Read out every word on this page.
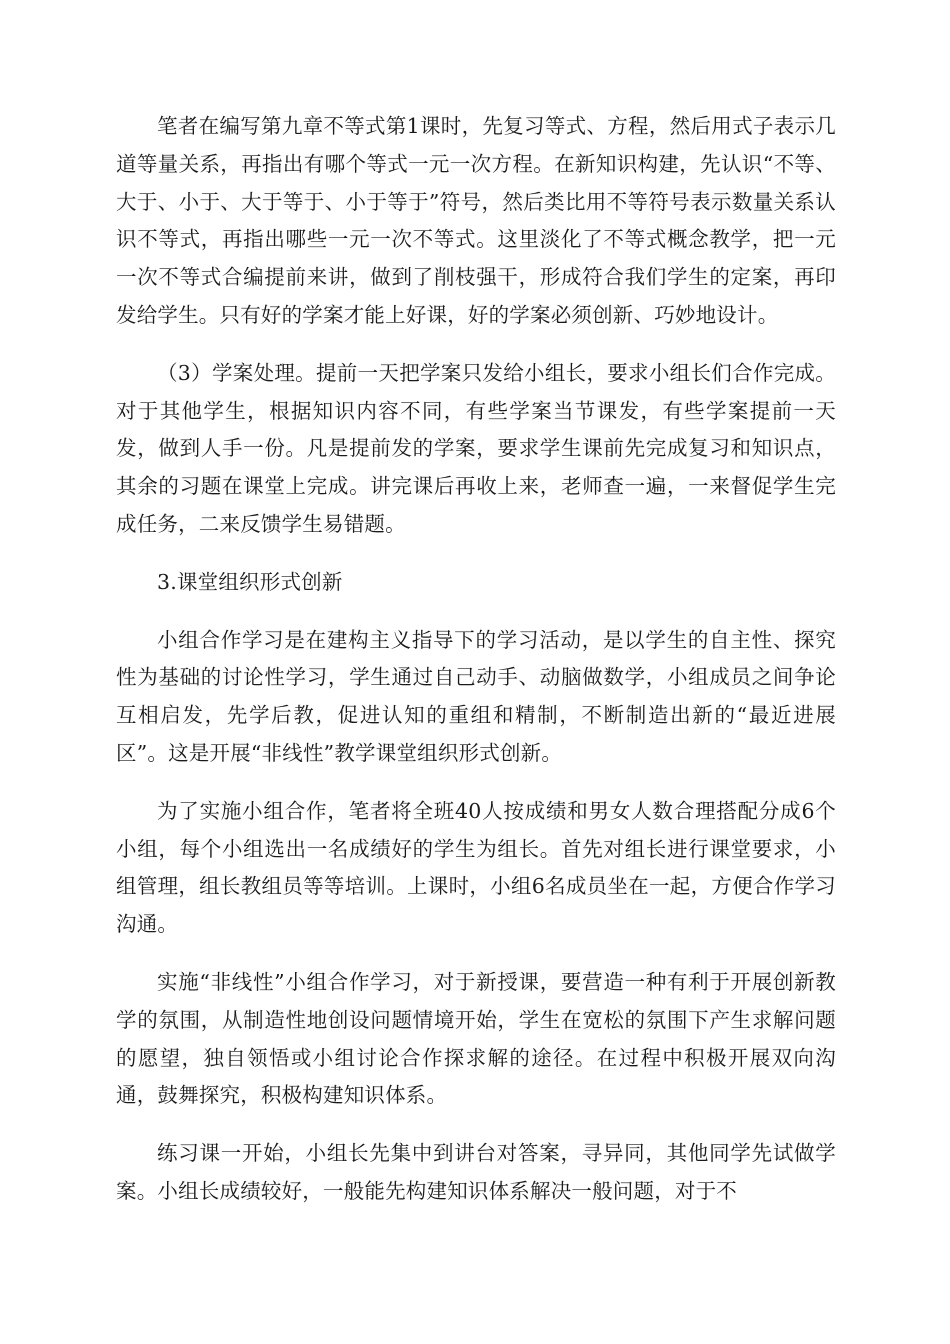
笔者在编写第九章不等式第1课时，先复习等式、方程，然后用式子表示几道等量关系，再指出有哪个等式一元一次方程。在新知识构建，先认识“不等、大于、小于、大于等于、小于等于”符号，然后类比用不等符号表示数量关系认识不等式，再指出哪些一元一次不等式。这里淡化了不等式概念教学，把一元一次不等式合编提前来讲，做到了削枝强干，形成符合我们学生的定案，再印发给学生。只有好的学案才能上好课，好的学案必须创新、巧妙地设计。

（3）学案处理。提前一天把学案只发给小组长，要求小组长们合作完成。对于其他学生，根据知识内容不同，有些学案当节课发，有些学案提前一天发，做到人手一份。凡是提前发的学案，要求学生课前先完成复习和知识点，其余的习题在课堂上完成。讲完课后再收上来，老师查一遍，一来督促学生完成任务，二来反馈学生易错题。

3.课堂组织形式创新

小组合作学习是在建构主义指导下的学习活动，是以学生的自主性、探究性为基础的讨论性学习，学生通过自己动手、动脑做数学，小组成员之间争论互相启发，先学后教，促进认知的重组和精制，不断制造出新的“最近进展区”。这是开展“非线性”教学课堂组织形式创新。

为了实施小组合作，笔者将全班40人按成绩和男女人数合理搭配分成6个小组，每个小组选出一名成绩好的学生为组长。首先对组长进行课堂要求，小组管理，组长教组员等等培训。上课时，小组6名成员坐在一起，方便合作学习沟通。

实施“非线性”小组合作学习，对于新授课，要营造一种有利于开展创新教学的氛围，从制造性地创设问题情境开始，学生在宽松的氛围下产生求解问题的愿望，独自领悟或小组讨论合作探求解的途径。在过程中积极开展双向沟通，鼓舞探究，积极构建知识体系。

练习课一开始，小组长先集中到讲台对答案，寻异同，其他同学先试做学案。小组长成绩较好，一般能先构建知识体系解决一般问题，对于不
